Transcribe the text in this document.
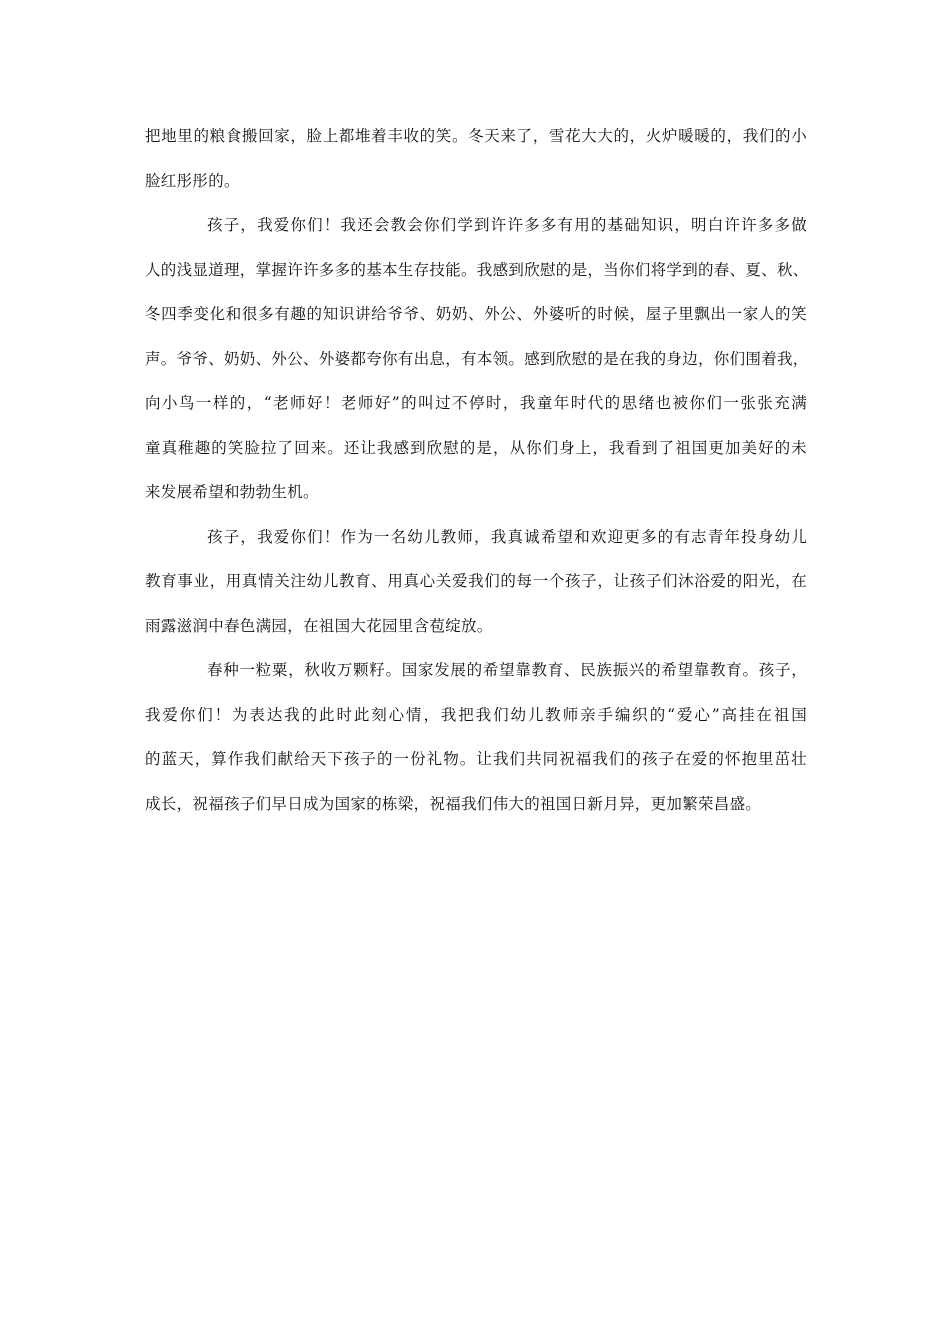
把地里的粮食搬回家，脸上都堆着丰收的笑。冬天来了，雪花大大的，火炉暖暖的，我们的小
脸红彤彤的。
孩子，我爱你们！我还会教会你们学到许许多多有用的基础知识，明白许许多多做
人的浅显道理，掌握许许多多的基本生存技能。我感到欣慰的是，当你们将学到的春、夏、秋、
冬四季变化和很多有趣的知识讲给爷爷、奶奶、外公、外婆听的时候，屋子里飘出一家人的笑
声。爷爷、奶奶、外公、外婆都夸你有出息，有本领。感到欣慰的是在我的身边，你们围着我，
向小鸟一样的，“老师好！老师好”的叫过不停时，我童年时代的思绪也被你们一张张充满
童真稚趣的笑脸拉了回来。还让我感到欣慰的是，从你们身上，我看到了祖国更加美好的未
来发展希望和勃勃生机。
孩子，我爱你们！作为一名幼儿教师，我真诚希望和欢迎更多的有志青年投身幼儿
教育事业，用真情关注幼儿教育、用真心关爱我们的每一个孩子，让孩子们沐浴爱的阳光，在
雨露滋润中春色满园，在祖国大花园里含苞绽放。
春种一粒粟，秋收万颗籽。国家发展的希望靠教育、民族振兴的希望靠教育。孩子，
我爱你们！为表达我的此时此刻心情，我把我们幼儿教师亲手编织的“爱心”高挂在祖国
的蓝天，算作我们献给天下孩子的一份礼物。让我们共同祝福我们的孩子在爱的怀抱里茁壮
成长，祝福孩子们早日成为国家的栋梁，祝福我们伟大的祖国日新月异，更加繁荣昌盛。
